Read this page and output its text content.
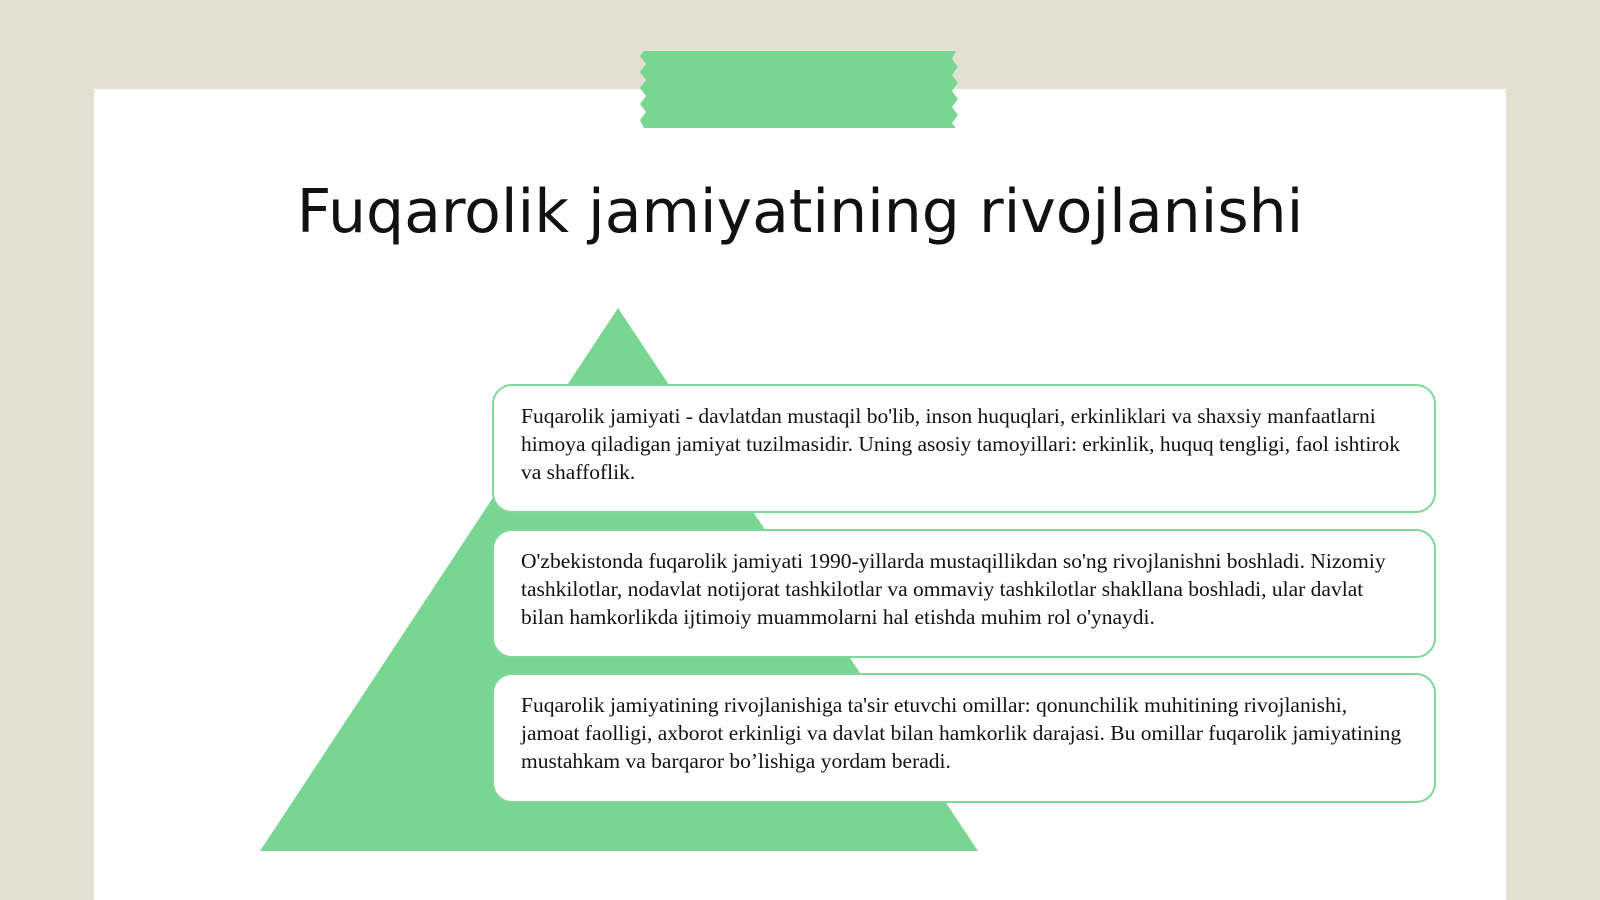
Fuqarolik jamiyatining rivojlanishi
Fuqarolik jamiyati - davlatdan mustaqil bo'lib, inson huquqlari, erkinliklari va shaxsiy manfaatlarni himoya qiladigan jamiyat tuzilmasidir. Uning asosiy tamoyillari: erkinlik, huquq tengligi, faol ishtirok va shaffoflik.
O'zbekistonda fuqarolik jamiyati 1990-yillarda mustaqillikdan so'ng rivojlanishni boshladi. Nizomiy tashkilotlar, nodavlat notijorat tashkilotlar va ommaviy tashkilotlar shakllana boshladi, ular davlat bilan hamkorlikda ijtimoiy muammolarni hal etishda muhim rol o'ynaydi.
Fuqarolik jamiyatining rivojlanishiga ta'sir etuvchi omillar: qonunchilik muhitining rivojlanishi, jamoat faolligi, axborot erkinligi va davlat bilan hamkorlik darajasi. Bu omillar fuqarolik jamiyatining mustahkam va barqaror bo’lishiga yordam beradi.
